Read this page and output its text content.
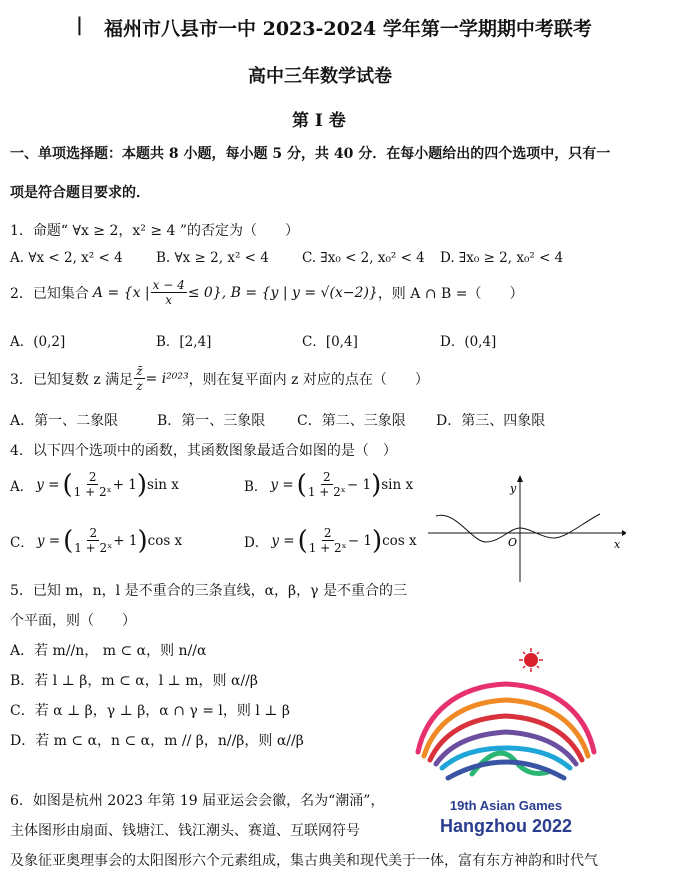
| 福州市八县市一中 2023-2024 学年第一学期期中考联考
高中三年数学试卷
第 Ⅰ 卷
一、单项选择题：本题共 8 小题，每小题 5 分，共 40 分．在每小题给出的四个选项中，只有一
项是符合题目要求的．
1．命题“ ∀x ≥ 2，x² ≥ 4 ”的否定为（　　）
A. ∀x < 2, x² < 4 B. ∀x ≥ 2, x² < 4 C. ∃x₀ < 2, x₀² < 4 D. ∃x₀ ≥ 2, x₀² < 4
2．已知集合 A = {x | $\frac{x - 4}{x} \le 0$}, B = {y | y = √(x−2)} ，则 A ∩ B =（　　）
A．(0,2]	B．[2,4]	C．[0,4]	D．(0,4]
3．已知复数 z 满足 $\frac{z̄}{z} = i^{2023}$ ，则在复平面内 z 对应的点在（　　）
A．第一、二象限	B．第一、三象限 C．第二、三象限 D．第三、四象限
4．以下四个选项中的函数，其函数图象最适合如图的是（　）
A． y = ( $\frac{2}{\text{1 + 2ˣ}} + 1$ ) sin x	B． y = ( $\frac{2}{\text{1 + 2ˣ}} - 1$ ) sin x
C． y = ( $\frac{2}{\text{1 + 2ˣ}} + 1$ ) cos x	D． y = ( $\frac{2}{\text{1 + 2ˣ}} - 1$ ) cos x
y
x
O
5．已知 m，n，l 是不重合的三条直线，α，β，γ 是不重合的三
个平面，则（　　）
A．若 m//n， m ⊂ α，则 n//α
B．若 l ⊥ β，m ⊂ α，l ⊥ m，则 α//β
C．若 α ⊥ β，γ ⊥ β，α ∩ γ = l，则 l ⊥ β
D．若 m ⊂ α，n ⊂ α，m // β，n//β，则 α//β
19th Asian Games
Hangzhou 2022
6．如图是杭州 2023 年第 19 届亚运会会徽，名为“潮涌”，
主体图形由扇面、钱塘江、钱江潮头、赛道、互联网符号
及象征亚奥理事会的太阳图形六个元素组成，集古典美和现代美于一体，富有东方神韵和时代气
